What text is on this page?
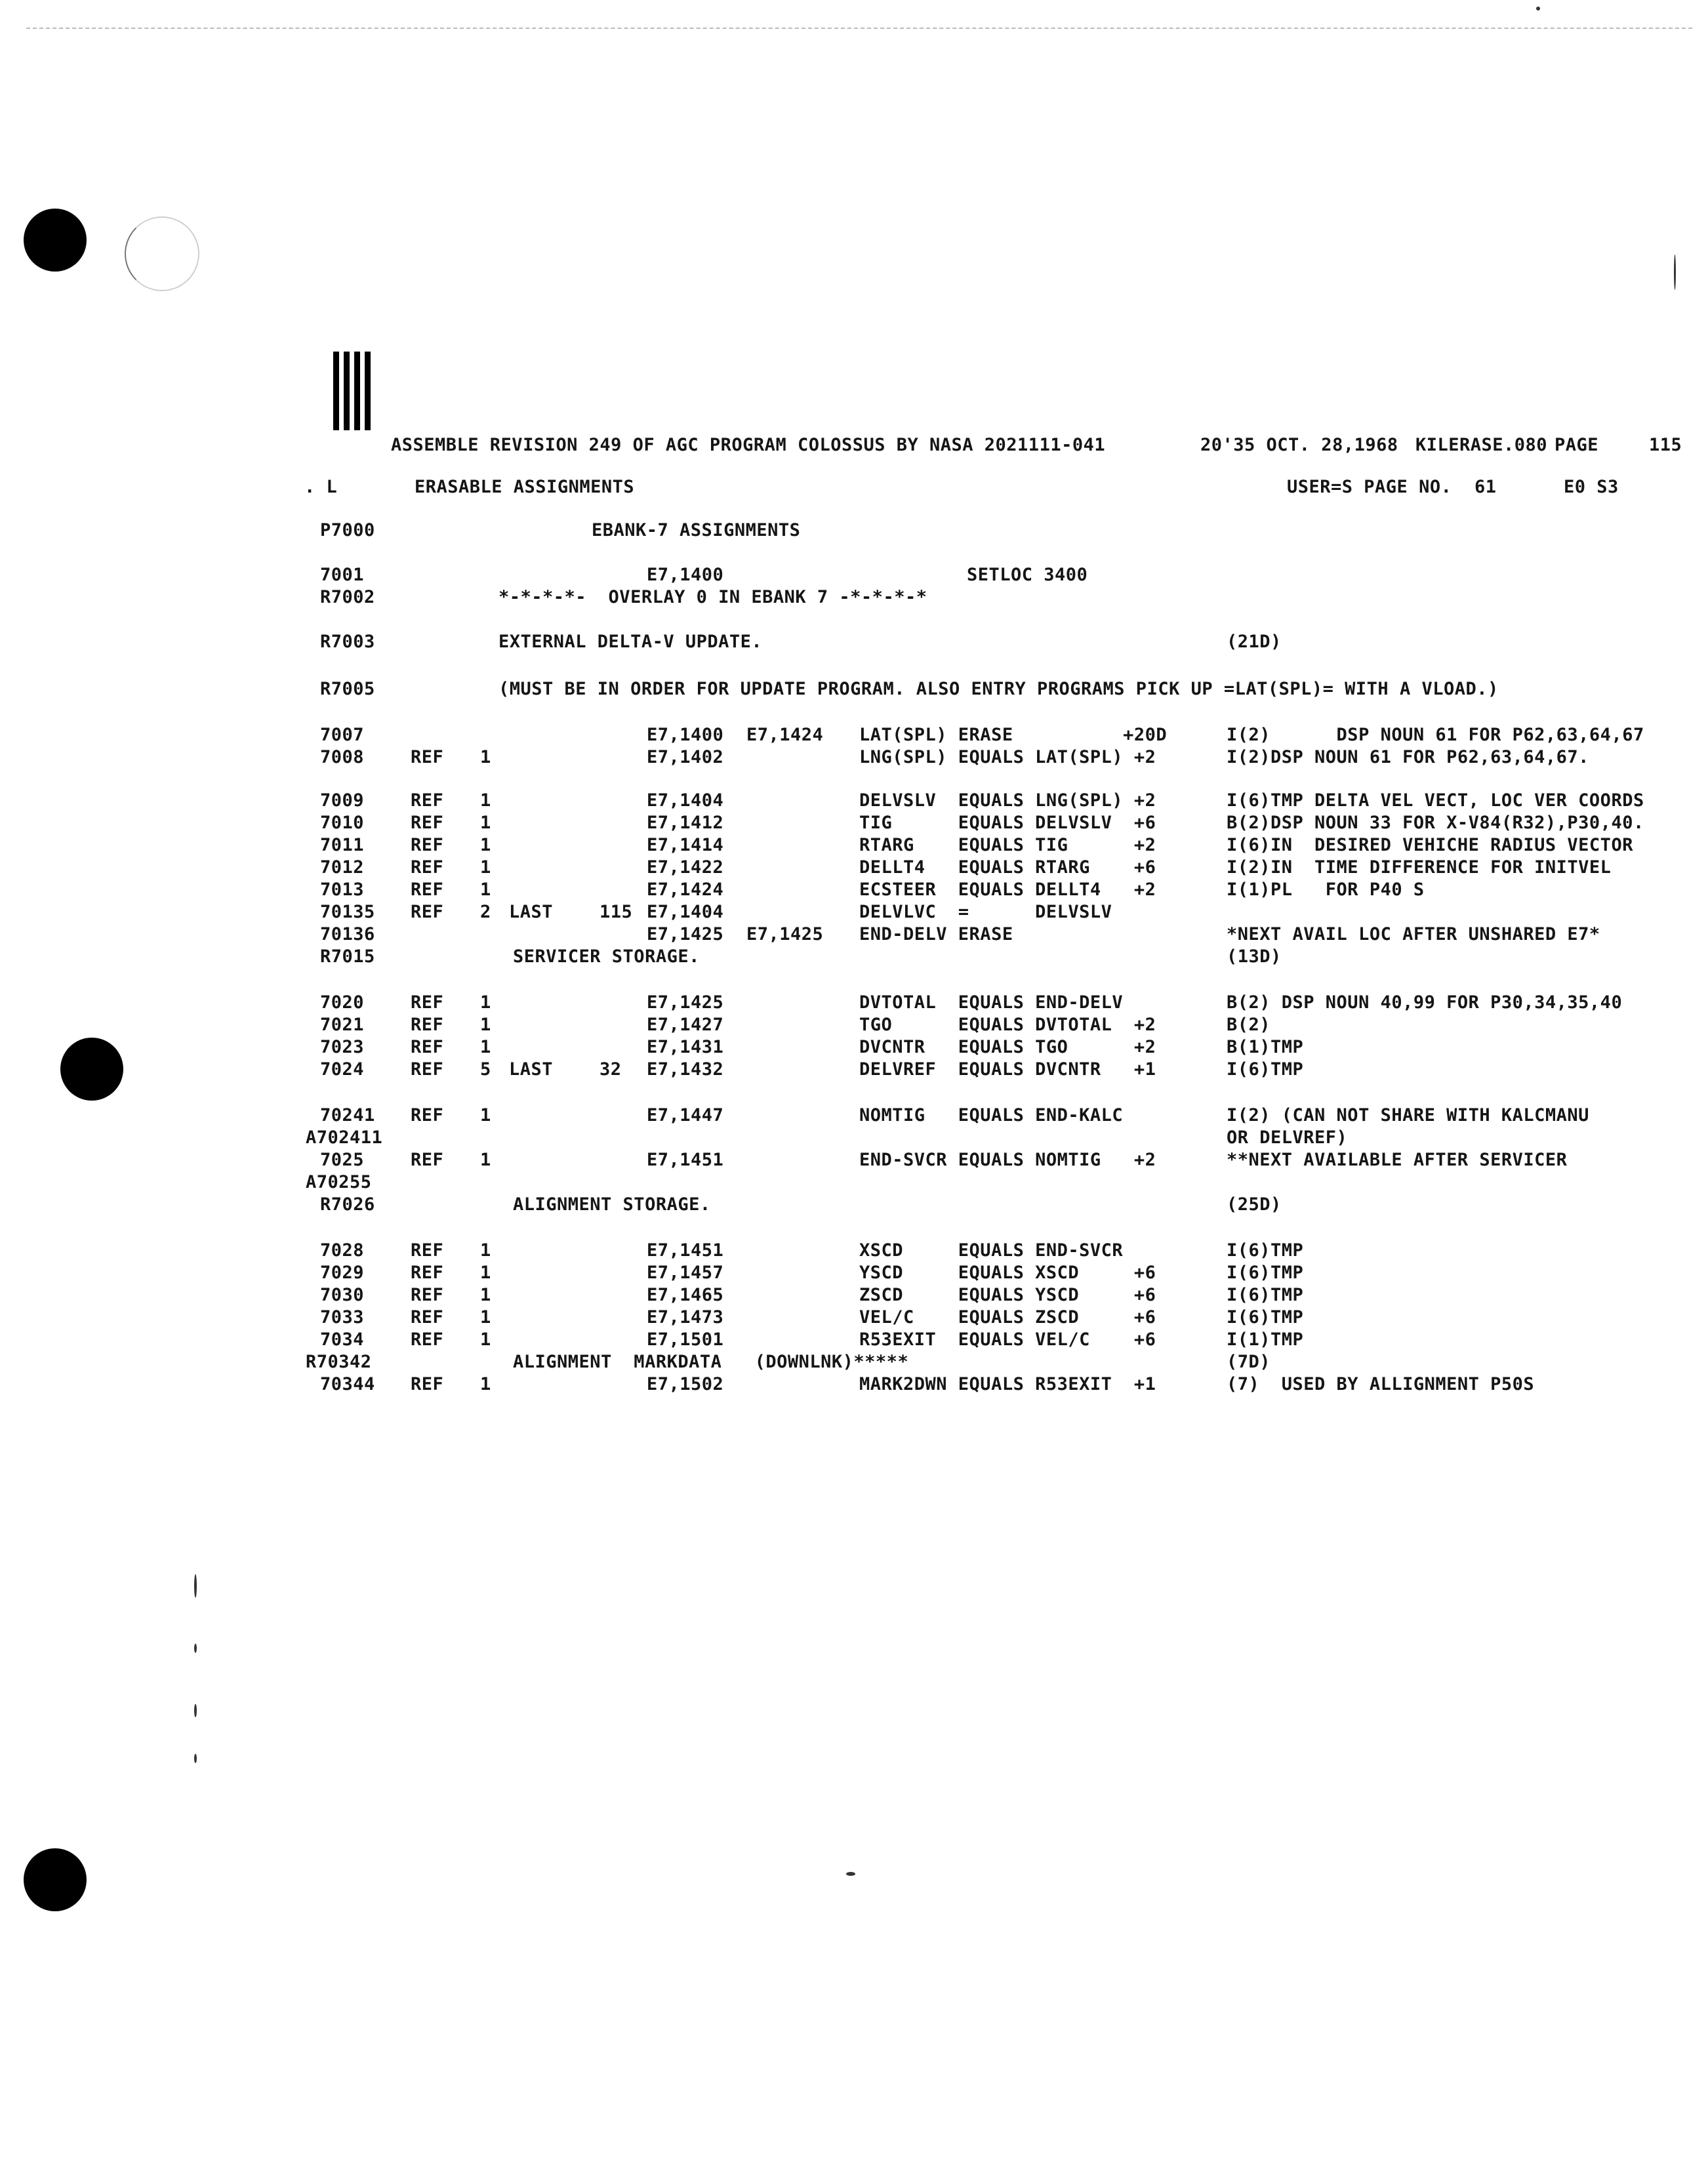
ASSEMBLE REVISION 249 OF AGC PROGRAM COLOSSUS BY NASA 2021111-041

	20'35 OCT. 28,1968

KILERASE.080

PAGE

	115

. L

	ERASABLE ASSIGNMENTS

	USER=S PAGE NO.

61

	E0 S3

P7000	EBANK-7 ASSIGNMENTS
7001	E7,1400	SETLOC 3400
R7002	*-*-*-*-  OVERLAY 0 IN EBANK 7 -*-*-*-*
R7003	EXTERNAL DELTA-V UPDATE.	(21D)
R7005	(MUST BE IN ORDER FOR UPDATE PROGRAM. ALSO ENTRY PROGRAMS PICK UP =LAT(SPL)= WITH A VLOAD.)
7007	E7,1400 E7,1424 LAT(SPL) ERASE          +20D	I(2)      DSP NOUN 61 FOR P62,63,64,67
7008	REF 1	E7,1402	LNG(SPL) EQUALS LAT(SPL) +2	I(2)DSP NOUN 61 FOR P62,63,64,67.
7009	REF 1	E7,1404	DELVSLV  EQUALS LNG(SPL) +2	I(6)TMP DELTA VEL VECT, LOC VER COORDS
7010	REF 1	E7,1412	TIG      EQUALS DELVSLV  +6	B(2)DSP NOUN 33 FOR X-V84(R32),P30,40.
7011	REF 1	E7,1414	RTARG    EQUALS TIG      +2	I(6)IN  DESIRED VEHICHE RADIUS VECTOR
7012	REF 1	E7,1422	DELLT4   EQUALS RTARG    +6	I(2)IN  TIME DIFFERENCE FOR INITVEL
7013	REF 1	E7,1424	ECSTEER  EQUALS DELLT4   +2	I(1)PL   FOR P40 S
70135 REF 2 LAST	115 E7,1404	DELVLVC  =      DELVSLV
70136	E7,1425 E7,1425 END-DELV ERASE	*NEXT AVAIL LOC AFTER UNSHARED E7*
R7015	SERVICER STORAGE.	(13D)
7020	REF 1	E7,1425	DVTOTAL  EQUALS END-DELV	B(2) DSP NOUN 40,99 FOR P30,34,35,40
7021	REF 1	E7,1427	TGO      EQUALS DVTOTAL  +2	B(2)
7023	REF 1	E7,1431	DVCNTR   EQUALS TGO      +2	B(1)TMP
7024	REF 5 LAST	32 E7,1432	DELVREF  EQUALS DVCNTR   +1	I(6)TMP
70241 REF 1	E7,1447	NOMTIG   EQUALS END-KALC	I(2) (CAN NOT SHARE WITH KALCMANU
A702411	OR DELVREF)
7025	REF 1	E7,1451	END-SVCR EQUALS NOMTIG   +2	**NEXT AVAILABLE AFTER SERVICER
A70255
R7026	ALIGNMENT STORAGE.	(25D)
7028	REF 1	E7,1451	XSCD     EQUALS END-SVCR	I(6)TMP
7029	REF 1	E7,1457	YSCD     EQUALS XSCD     +6	I(6)TMP
7030	REF 1	E7,1465	ZSCD     EQUALS YSCD     +6	I(6)TMP
7033	REF 1	E7,1473	VEL/C    EQUALS ZSCD     +6	I(6)TMP
7034	REF 1	E7,1501	R53EXIT  EQUALS VEL/C    +6	I(1)TMP
R70342	ALIGNMENT  MARKDATA   (DOWNLNK)*****	(7D)
70344 REF 1	E7,1502	MARK2DWN EQUALS R53EXIT  +1	(7)  USED BY ALLIGNMENT P50S
